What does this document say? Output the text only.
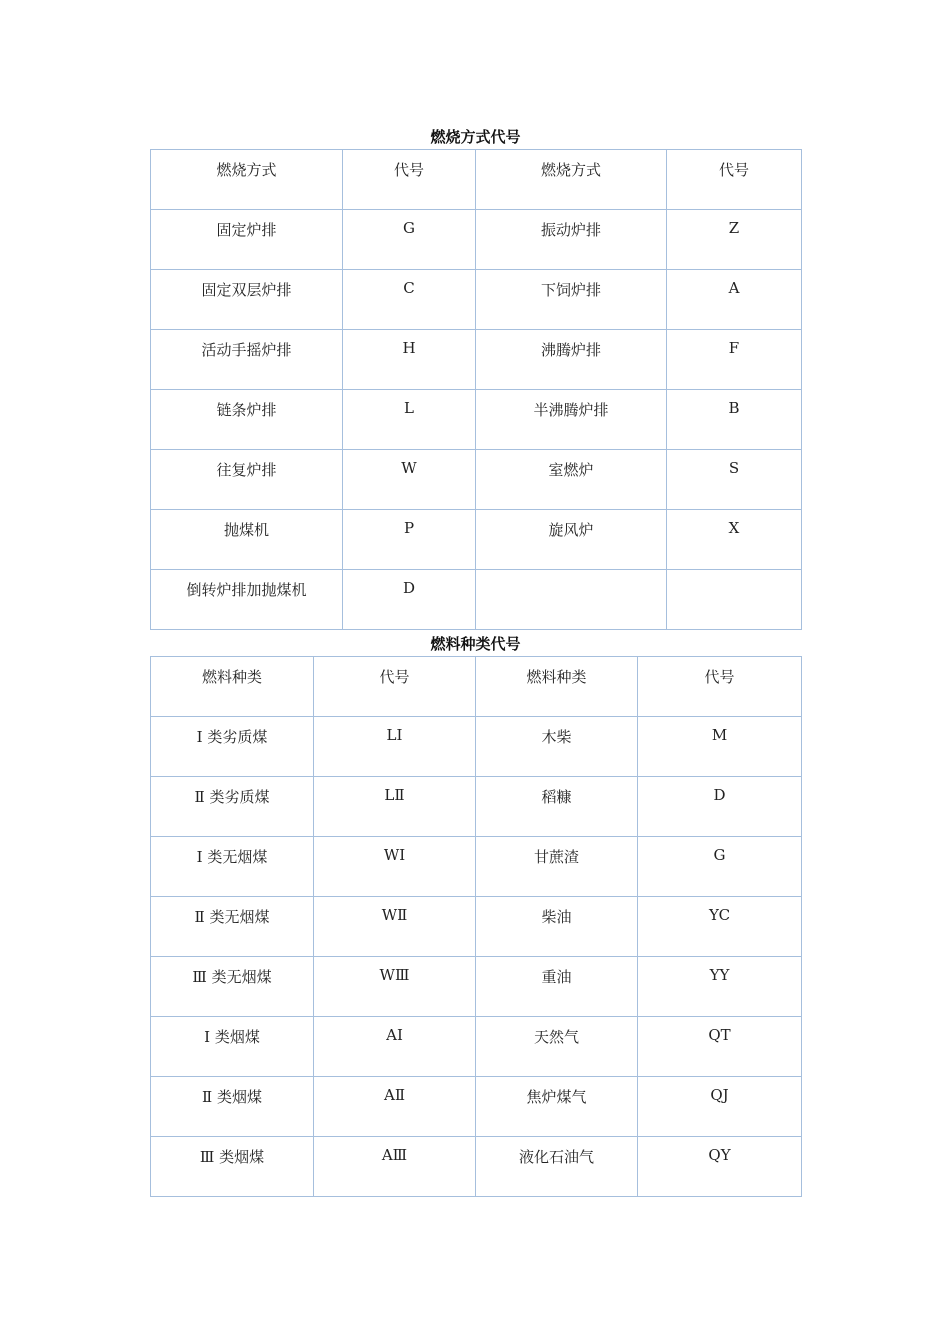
燃烧方式代号
燃烧方式	代号	燃烧方式	代号

固定炉排	G	振动炉排	Z

固定双层炉排	C	下饲炉排	A

活动手摇炉排	H	沸腾炉排	F

链条炉排	L	半沸腾炉排	B

往复炉排	W	室燃炉	S

抛煤机	P	旋风炉	X

倒转炉排加抛煤机	D		

燃料种类代号
燃料种类	代号	燃料种类	代号

Ⅰ 类劣质煤	LⅠ	木柴	M

Ⅱ 类劣质煤	LⅡ	稻糠	D

Ⅰ 类无烟煤	WⅠ	甘蔗渣	G

Ⅱ 类无烟煤	WⅡ	柴油	YC

Ⅲ 类无烟煤	WⅢ	重油	YY

Ⅰ 类烟煤	AⅠ	天然气	QT

Ⅱ 类烟煤	AⅡ	焦炉煤气	QJ

Ⅲ 类烟煤	AⅢ	液化石油气	QY
